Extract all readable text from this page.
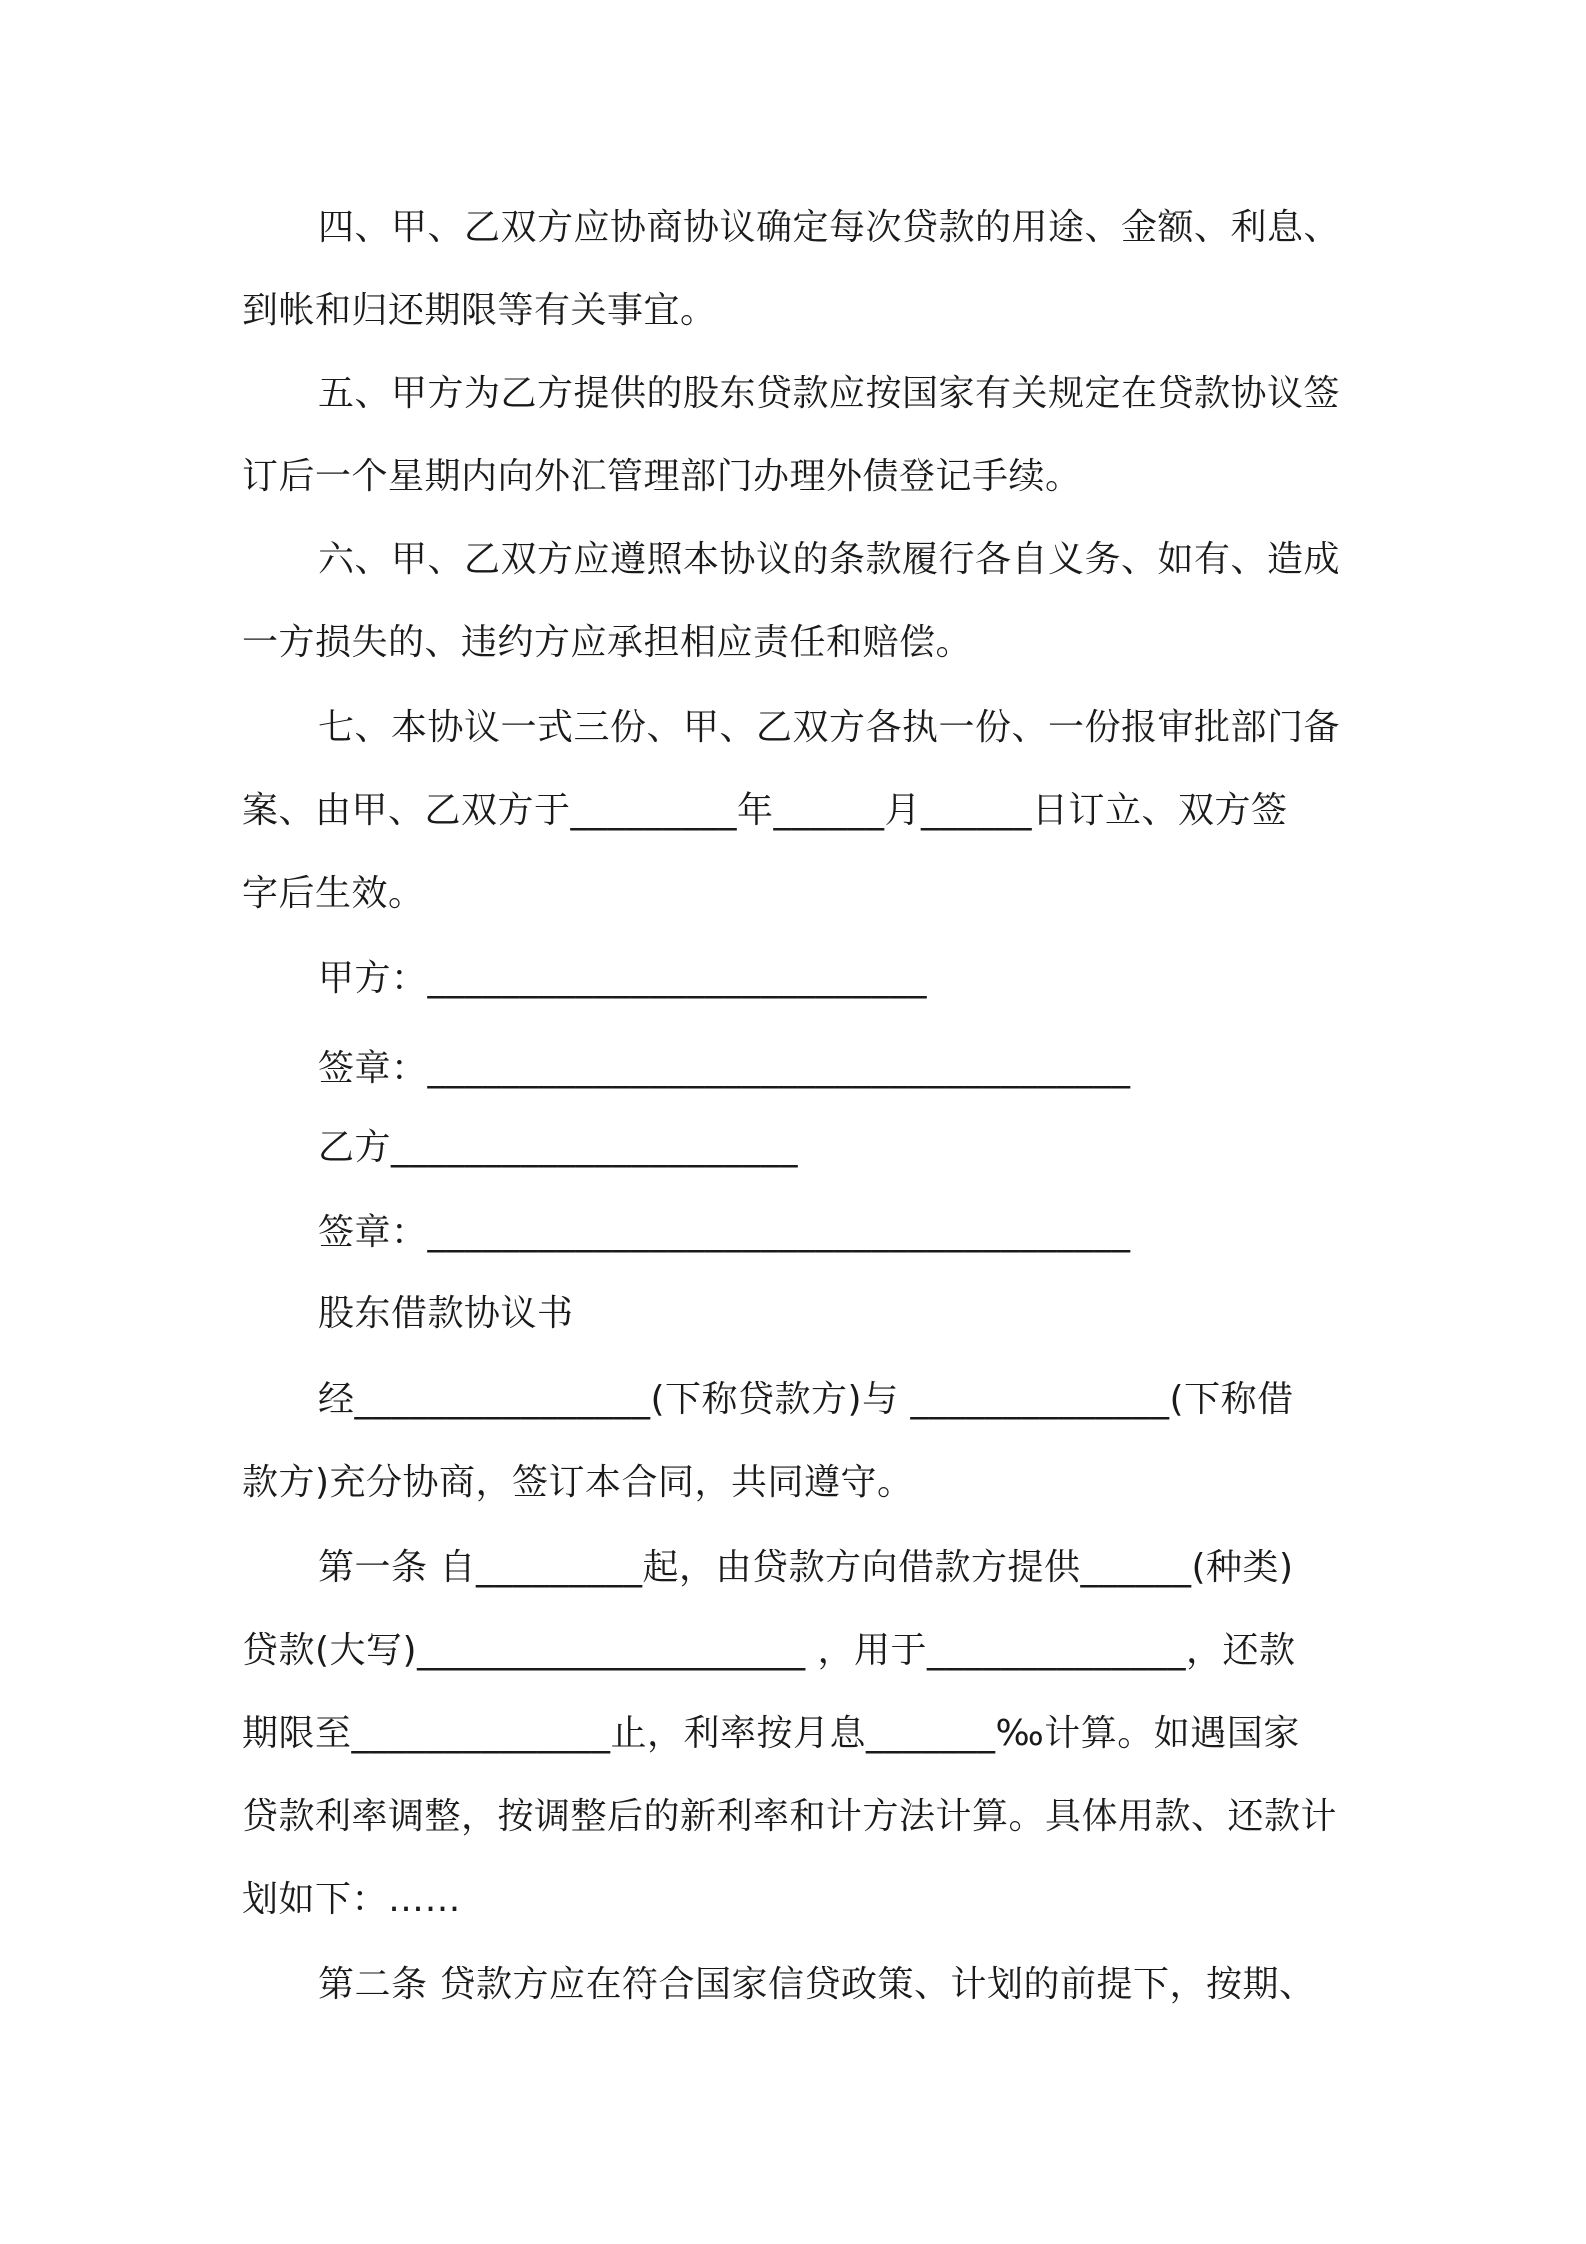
四、甲、乙双方应协商协议确定每次贷款的用途、金额、利息、
到帐和归还期限等有关事宜。
五、甲方为乙方提供的股东贷款应按国家有关规定在贷款协议签
订后一个星期内向外汇管理部门办理外债登记手续。
六、甲、乙双方应遵照本协议的条款履行各自义务、如有、造成
一方损失的、违约方应承担相应责任和赔偿。
七、本协议一式三份、甲、乙双方各执一份、一份报审批部门备
案、由甲、乙双方于_________年______月______日订立、双方签
字后生效。
甲方：___________________________
签章：______________________________________
乙方______________________
签章：______________________________________
股东借款协议书
经________________(下称贷款方)与 ______________(下称借
款方)充分协商，签订本合同，共同遵守。
第一条 自_________起，由贷款方向借款方提供______(种类)
贷款(大写)_____________________ ，用于______________，还款
期限至______________止，利率按月息_______‰计算。如遇国家
贷款利率调整，按调整后的新利率和计方法计算。具体用款、还款计
划如下：……
第二条 贷款方应在符合国家信贷政策、计划的前提下，按期、
